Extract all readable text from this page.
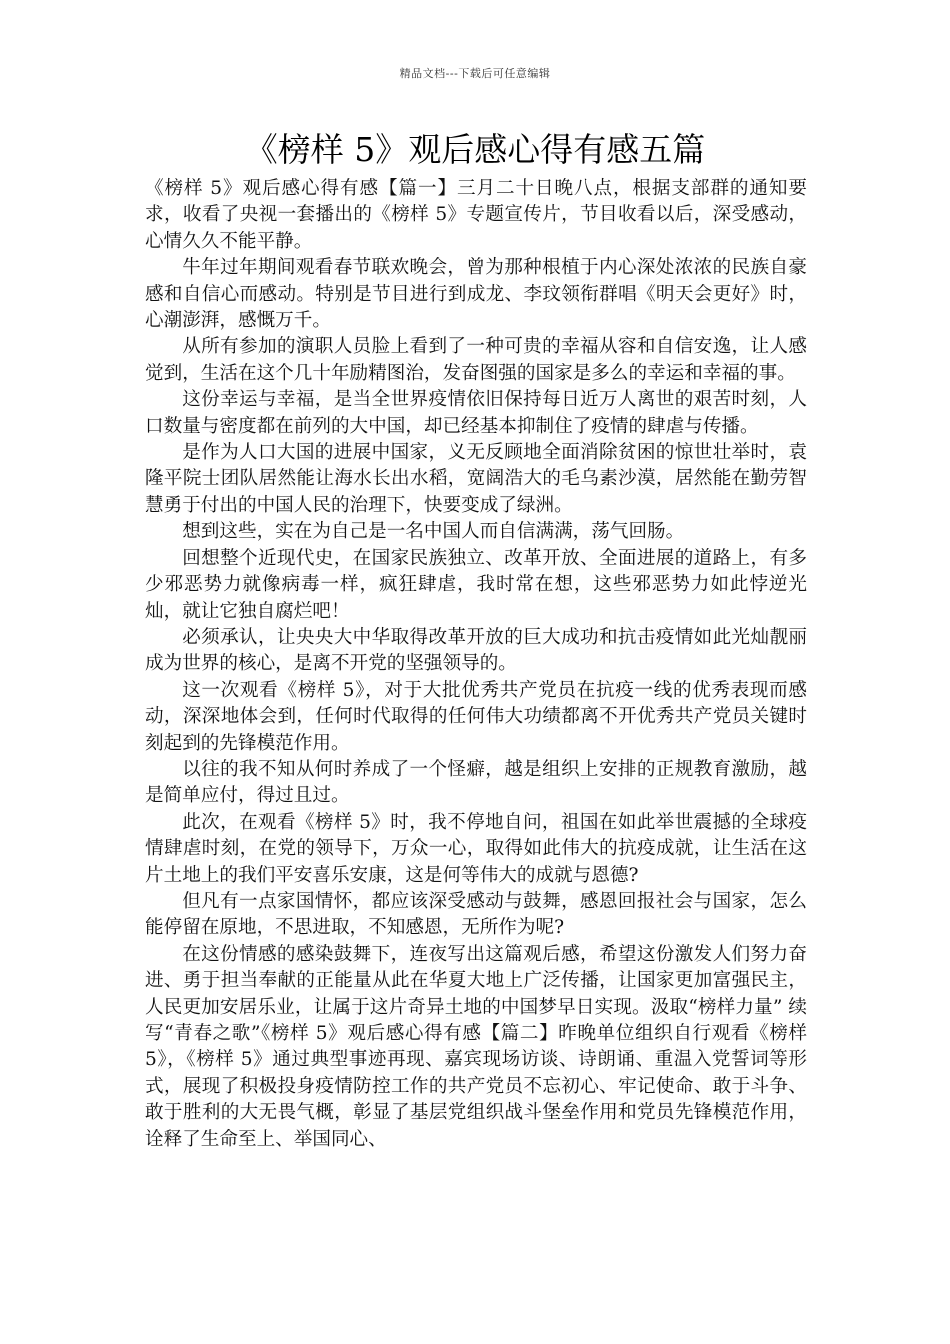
精品文档---下载后可任意编辑
《榜样 5》观后感心得有感五篇

《榜样 5》观后感心得有感【篇一】三月二十日晚八点，根据支部群的通知要求，收看了央视一套播出的《榜样 5》专题宣传片，节目收看以后，深受感动，心情久久不能平静。

牛年过年期间观看春节联欢晚会，曾为那种根植于内心深处浓浓的民族自豪感和自信心而感动。特别是节目进行到成龙、李玟领衔群唱《明天会更好》时，心潮澎湃，感慨万千。

从所有参加的演职人员脸上看到了一种可贵的幸福从容和自信安逸，让人感觉到，生活在这个几十年励精图治，发奋图强的国家是多么的幸运和幸福的事。

这份幸运与幸福，是当全世界疫情依旧保持每日近万人离世的艰苦时刻，人口数量与密度都在前列的大中国，却已经基本抑制住了疫情的肆虐与传播。

是作为人口大国的进展中国家，义无反顾地全面消除贫困的惊世壮举时，袁隆平院士团队居然能让海水长出水稻，宽阔浩大的毛乌素沙漠，居然能在勤劳智慧勇于付出的中国人民的治理下，快要变成了绿洲。

想到这些，实在为自己是一名中国人而自信满满，荡气回肠。

回想整个近现代史，在国家民族独立、改革开放、全面进展的道路上，有多少邪恶势力就像病毒一样，疯狂肆虐，我时常在想，这些邪恶势力如此悖逆光灿，就让它独自腐烂吧！

必须承认，让央央大中华取得改革开放的巨大成功和抗击疫情如此光灿靓丽成为世界的核心，是离不开党的坚强领导的。

这一次观看《榜样 5》，对于大批优秀共产党员在抗疫一线的优秀表现而感动，深深地体会到，任何时代取得的任何伟大功绩都离不开优秀共产党员关键时刻起到的先锋模范作用。

以往的我不知从何时养成了一个怪癖，越是组织上安排的正规教育激励，越是简单应付，得过且过。

此次，在观看《榜样 5》时，我不停地自问，祖国在如此举世震撼的全球疫情肆虐时刻，在党的领导下，万众一心，取得如此伟大的抗疫成就，让生活在这片土地上的我们平安喜乐安康，这是何等伟大的成就与恩德?

但凡有一点家国情怀，都应该深受感动与鼓舞，感恩回报社会与国家，怎么能停留在原地，不思进取，不知感恩，无所作为呢?

在这份情感的感染鼓舞下，连夜写出这篇观后感，希望这份激发人们努力奋进、勇于担当奉献的正能量从此在华夏大地上广泛传播，让国家更加富强民主，人民更加安居乐业，让属于这片奇异土地的中国梦早日实现。汲取“榜样力量” 续写“青春之歌”《榜样 5》观后感心得有感【篇二】昨晚单位组织自行观看《榜样 5》，《榜样 5》通过典型事迹再现、嘉宾现场访谈、诗朗诵、重温入党誓词等形式，展现了积极投身疫情防控工作的共产党员不忘初心、牢记使命、敢于斗争、敢于胜利的大无畏气概，彰显了基层党组织战斗堡垒作用和党员先锋模范作用，诠释了生命至上、举国同心、
